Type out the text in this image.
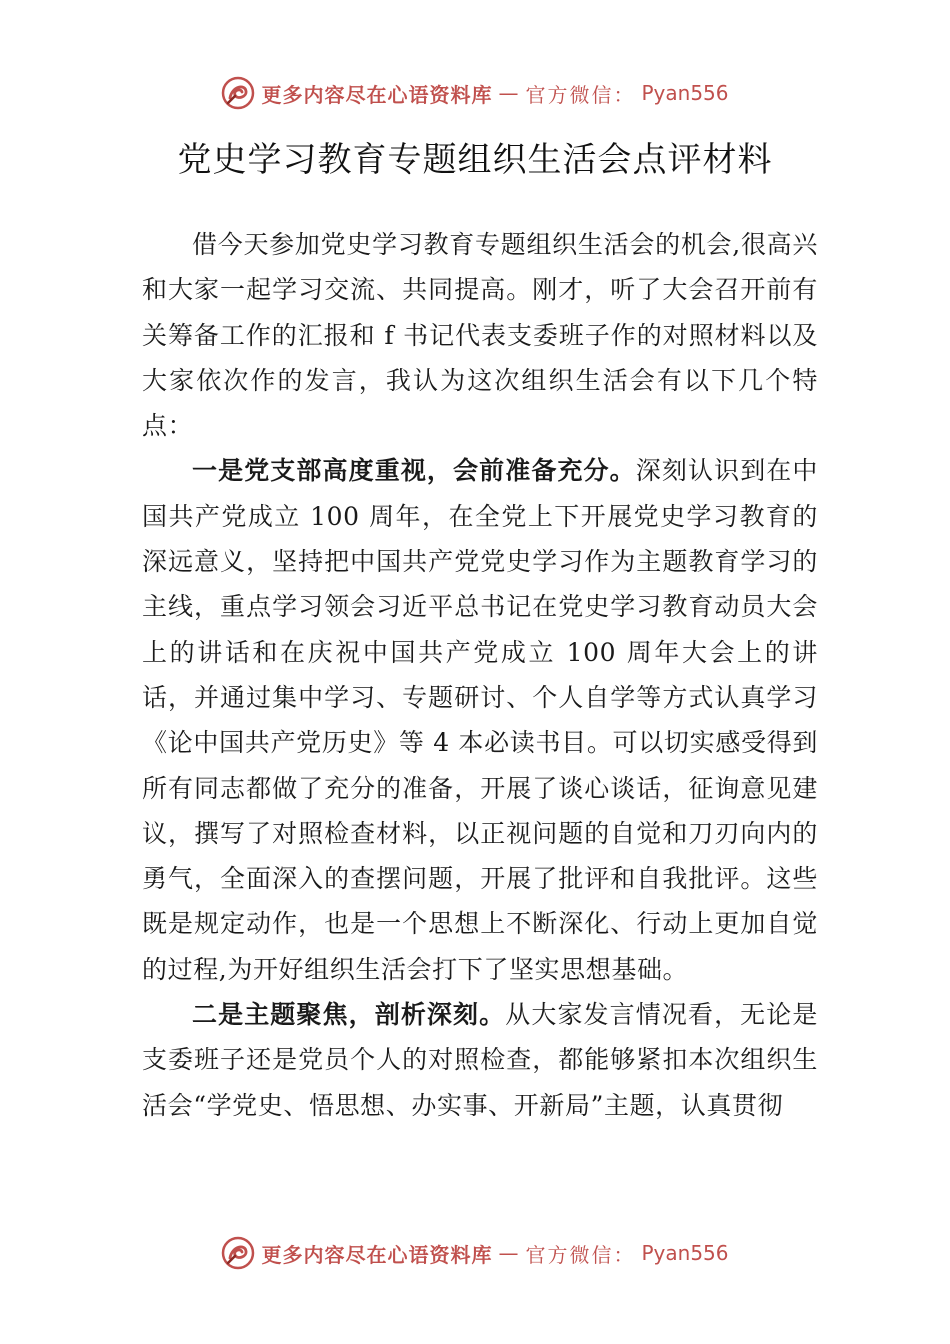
更多内容尽在心语资料库 — 官方微信： Pyan556
党史学习教育专题组织生活会点评材料

借今天参加党史学习教育专题组织生活会的机会,很高兴和大家一起学习交流、共同提高。刚才，听了大会召开前有关筹备工作的汇报和 f 书记代表支委班子作的对照材料以及大家依次作的发言，我认为这次组织生活会有以下几个特点：

一是党支部高度重视，会前准备充分。深刻认识到在中国共产党成立 100 周年，在全党上下开展党史学习教育的深远意义，坚持把中国共产党党史学习作为主题教育学习的主线，重点学习领会习近平总书记在党史学习教育动员大会上的讲话和在庆祝中国共产党成立 100 周年大会上的讲话，并通过集中学习、专题研讨、个人自学等方式认真学习《论中国共产党历史》等 4 本必读书目。可以切实感受得到所有同志都做了充分的准备，开展了谈心谈话，征询意见建议，撰写了对照检查材料，以正视问题的自觉和刀刃向内的勇气，全面深入的查摆问题，开展了批评和自我批评。这些既是规定动作，也是一个思想上不断深化、行动上更加自觉的过程,为开好组织生活会打下了坚实思想基础。

二是主题聚焦，剖析深刻。从大家发言情况看，无论是支委班子还是党员个人的对照检查，都能够紧扣本次组织生活会“学党史、悟思想、办实事、开新局”主题，认真贯彻

更多内容尽在心语资料库 — 官方微信： Pyan556
